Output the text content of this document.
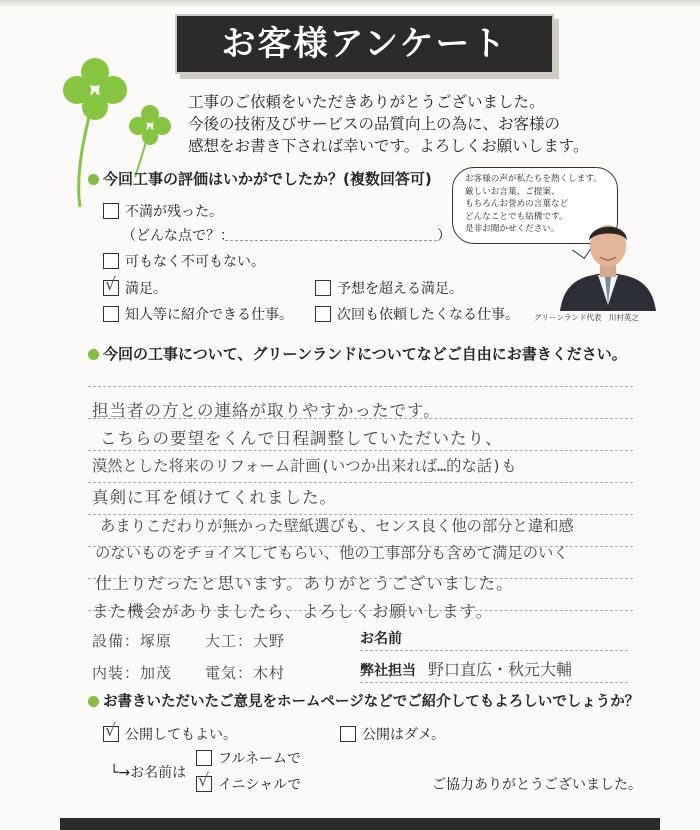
お客様アンケート
工事のご依頼をいただきありがとうございました。
今後の技術及びサービスの品質向上の為に、お客様の
感想をお書き下されば幸いです。よろしくお願いします。
今回工事の評価はいかがでしたか？(複数回答可)
不満が残った。
（どんな点で？：	）
可もなく不可もない。
√ 満足。	予想を超える満足。
知人等に紹介できる仕事。	次回も依頼したくなる仕事。
お客様の声が私たちを熱くします。
厳しいお言葉、ご提案、
もちろんお誉めの言葉など
どんなことでも結構です。
是非お聞かせください。
グリーンランド代表　川村英之
今回の工事について、グリーンランドについてなどご自由にお書きください。
担当者の方との連絡が取りやすかったです。
こちらの要望をくんで日程調整していただいたり、
漠然とした将来のリフォーム計画(いつか出来れば…的な話)も
真剣に耳を傾けてくれました。
あまりこだわりが無かった壁紙選びも、センス良く他の部分と違和感
のないものをチョイスしてもらい、他の工事部分も含めて満足のいく
仕上りだったと思います。ありがとうございました。
また機会がありましたら、よろしくお願いします。
設備：塚原 大工：大野
内装：加茂 電気：木村
お名前
弊社担当 野口直広・秋元大輔
お書きいただいたご意見をホームページなどでご紹介してもよろしいでしょうか？
√ 公開してもよい。	公開はダメ。
└→お名前は
フルネームで
√ イニシャルで	ご協力ありがとうございました。
